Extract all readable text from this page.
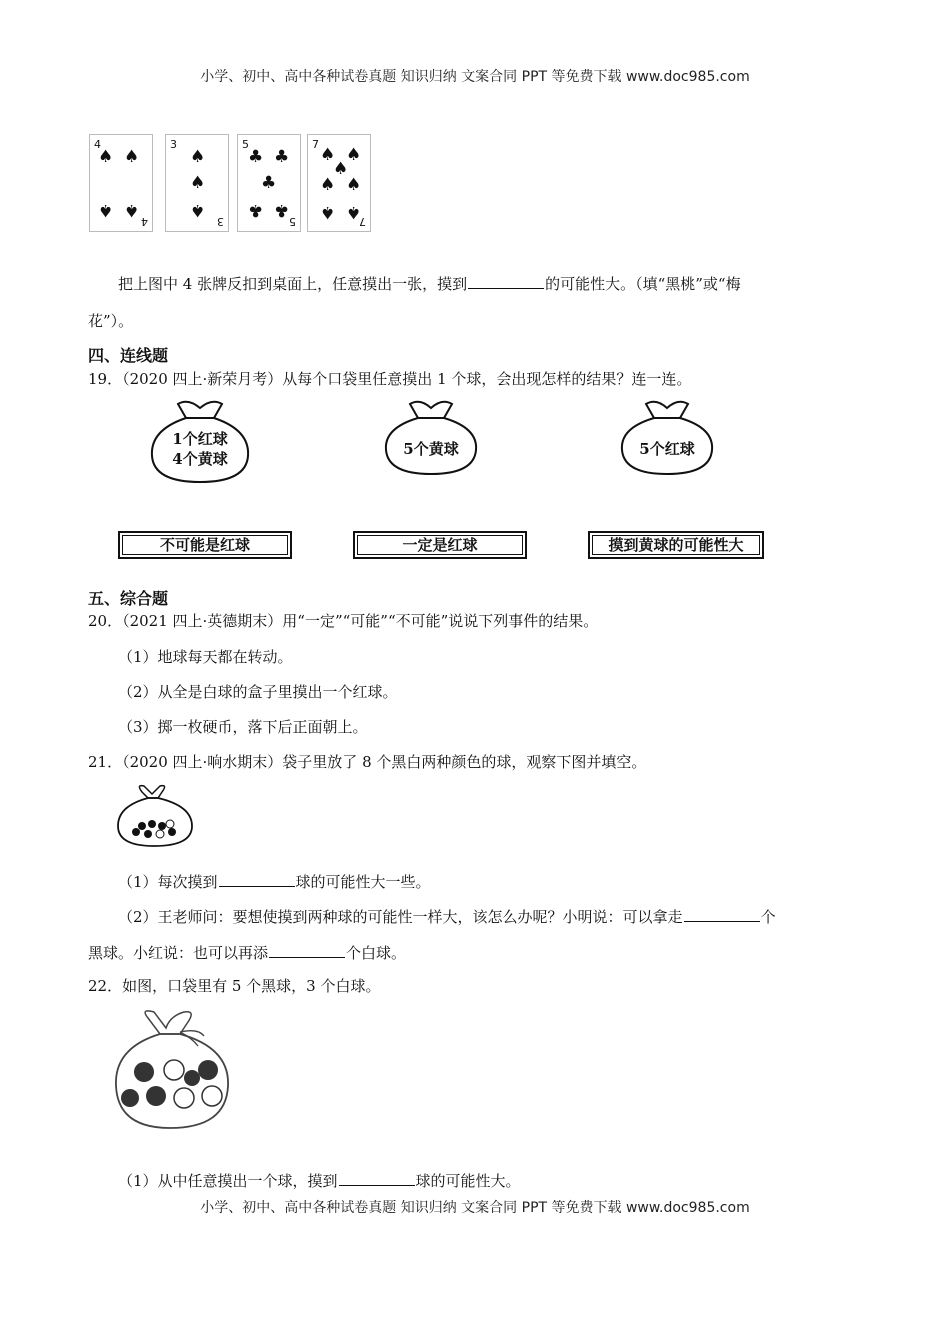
小学、初中、高中各种试卷真题 知识归纳 文案合同 PPT 等免费下载 www.doc985.com
4
♠ ♠
♠ ♠
4
3
♠
♠
♠
3
5
♣ ♣
♣
♣ ♣
5
7
♠ ♠
♠
♠ ♠
♠ ♠
7
把上图中 4 张牌反扣到桌面上，任意摸出一张，摸到	的可能性大。（填“黑桃”或“梅
花”）。
四、连线题
19．（2020 四上·新荣月考）从每个口袋里任意摸出 1 个球，会出现怎样的结果？连一连。
1个红球
4个黄球
5个黄球	5个红球
不可能是红球	一定是红球	摸到黄球的可能性大
五、综合题
20．（2021 四上·英德期末）用“一定”“可能”“不可能”说说下列事件的结果。
（1）地球每天都在转动。
（2）从全是白球的盒子里摸出一个红球。
（3）掷一枚硬币，落下后正面朝上。
21．（2020 四上·响水期末）袋子里放了 8 个黑白两种颜色的球，观察下图并填空。
（1）每次摸到	球的可能性大一些。
（2）王老师问：要想使摸到两种球的可能性一样大，该怎么办呢？小明说：可以拿走	个
黑球。小红说：也可以再添	个白球。
22．如图，口袋里有 5 个黑球，3 个白球。
（1）从中任意摸出一个球，摸到	球的可能性大。
小学、初中、高中各种试卷真题 知识归纳 文案合同 PPT 等免费下载 www.doc985.com
